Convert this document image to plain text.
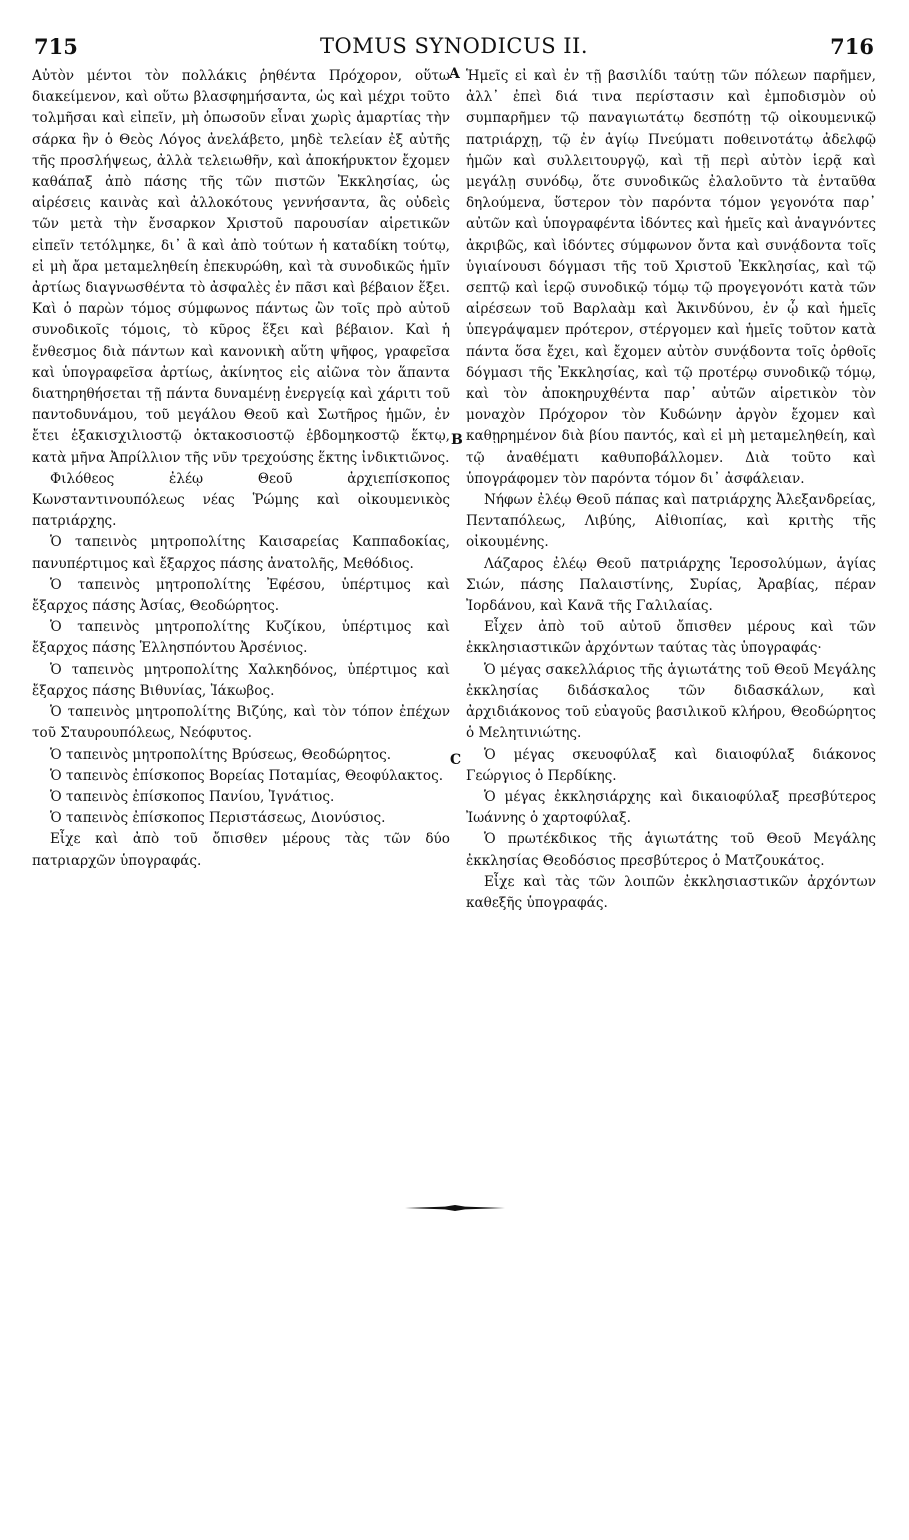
TOMUS SYNODICUS II.
715	716
A
B
C

Αὐτὸν μέντοι τὸν πολλάκις ῥηθέντα Πρόχορον, οὕτω διακείμενον, καὶ οὕτω βλασφημήσαντα, ὡς καὶ μέχρι τοῦτο τολμῆσαι καὶ εἰπεῖν, μὴ ὁπωσοῦν εἶναι χωρὶς ἁμαρτίας τὴν σάρκα ἣν ὁ Θεὸς Λόγος ἀνελάβετο, μηδὲ τελείαν ἐξ αὐτῆς τῆς προσλήψεως, ἀλλὰ τελειωθῆν, καὶ ἀποκήρυκτον ἔχομεν καθάπαξ ἀπὸ πάσης τῆς τῶν πιστῶν Ἐκκλησίας, ὡς αἱρέσεις καινὰς καὶ ἀλλοκότους γεννήσαντα, ἃς οὐδεὶς τῶν μετὰ τὴν ἔνσαρκον Χριστοῦ παρουσίαν αἱρετικῶν εἰπεῖν τετόλμηκε, δι᾽ ἃ καὶ ἀπὸ τούτων ἡ καταδίκη τούτῳ, εἰ μὴ ἄρα μεταμεληθείη ἐπεκυρώθη, καὶ τὰ συνοδικῶς ἡμῖν ἀρτίως διαγνωσθέντα τὸ ἀσφαλὲς ἐν πᾶσι καὶ βέβαιον ἕξει. Καὶ ὁ παρὼν τόμος σύμφωνος πάντως ὢν τοῖς πρὸ αὐτοῦ συνοδικοῖς τόμοις, τὸ κῦρος ἕξει καὶ βέβαιον. Καὶ ἡ ἔνθεσμος διὰ πάντων καὶ κανονικὴ αὕτη ψῆφος, γραφεῖσα καὶ ὑπογραφεῖσα ἀρτίως, ἀκίνητος εἰς αἰῶνα τὸν ἅπαντα διατηρηθήσεται τῇ πάντα δυναμένῃ ἐνεργείᾳ καὶ χάριτι τοῦ παντοδυνάμου, τοῦ μεγάλου Θεοῦ καὶ Σωτῆρος ἡμῶν, ἐν ἔτει ἑξακισχιλιοστῷ ὀκτακοσιοστῷ ἑβδομηκοστῷ ἕκτῳ, κατὰ μῆνα Ἀπρίλλιον τῆς νῦν τρεχούσης ἕκτης ἰνδικτιῶνος.

Φιλόθεος ἐλέῳ Θεοῦ ἀρχιεπίσκοπος Κωνσταντινουπόλεως νέας Ῥώμης καὶ οἰκουμενικὸς πατριάρχης.

Ὁ ταπεινὸς μητροπολίτης Καισαρείας Καππαδοκίας, πανυπέρτιμος καὶ ἔξαρχος πάσης ἀνατολῆς, Μεθόδιος.

Ὁ ταπεινὸς μητροπολίτης Ἐφέσου, ὑπέρτιμος καὶ ἔξαρχος πάσης Ἀσίας, Θεοδώρητος.

Ὁ ταπεινὸς μητροπολίτης Κυζίκου, ὑπέρτιμος καὶ ἔξαρχος πάσης Ἑλλησπόντου Ἀρσένιος.

Ὁ ταπεινὸς μητροπολίτης Χαλκηδόνος, ὑπέρτιμος καὶ ἔξαρχος πάσης Βιθυνίας, Ἰάκωβος.

Ὁ ταπεινὸς μητροπολίτης Βιζύης, καὶ τὸν τόπον ἐπέχων τοῦ Σταυρουπόλεως, Νεόφυτος.

Ὁ ταπεινὸς μητροπολίτης Βρύσεως, Θεοδώρητος.

Ὁ ταπεινὸς ἐπίσκοπος Βορείας Ποταμίας, Θεοφύλακτος.

Ὁ ταπεινὸς ἐπίσκοπος Πανίου, Ἰγνάτιος.

Ὁ ταπεινὸς ἐπίσκοπος Περιστάσεως, Διονύσιος.

Εἶχε καὶ ἀπὸ τοῦ ὄπισθεν μέρους τὰς τῶν δύο πατριαρχῶν ὑπογραφάς.

Ἡμεῖς εἰ καὶ ἐν τῇ βασιλίδι ταύτῃ τῶν πόλεων παρῆμεν, ἀλλ᾽ ἐπεὶ διά τινα περίστασιν καὶ ἐμποδισμὸν οὐ συμπαρῆμεν τῷ παναγιωτάτῳ δεσπότῃ τῷ οἰκουμενικῷ πατριάρχῃ, τῷ ἐν ἁγίῳ Πνεύματι ποθεινοτάτῳ ἀδελφῷ ἡμῶν καὶ συλλειτουργῷ, καὶ τῇ περὶ αὐτὸν ἱερᾷ καὶ μεγάλῃ συνόδῳ, ὅτε συνοδικῶς ἐλαλοῦντο τὰ ἐνταῦθα δηλούμενα, ὕστερον τὸν παρόντα τόμον γεγονότα παρ᾽ αὐτῶν καὶ ὑπογραφέντα ἰδόντες καὶ ἡμεῖς καὶ ἀναγνόντες ἀκριβῶς, καὶ ἰδόντες σύμφωνον ὄντα καὶ συνᾴδοντα τοῖς ὑγιαίνουσι δόγμασι τῆς τοῦ Χριστοῦ Ἐκκλησίας, καὶ τῷ σεπτῷ καὶ ἱερῷ συνοδικῷ τόμῳ τῷ προγεγονότι κατὰ τῶν αἱρέσεων τοῦ Βαρλαὰμ καὶ Ἀκινδύνου, ἐν ᾧ καὶ ἡμεῖς ὑπεγράψαμεν πρότερον, στέργομεν καὶ ἡμεῖς τοῦτον κατὰ πάντα ὅσα ἔχει, καὶ ἔχομεν αὐτὸν συνᾴδοντα τοῖς ὀρθοῖς δόγμασι τῆς Ἐκκλησίας, καὶ τῷ προτέρῳ συνοδικῷ τόμῳ, καὶ τὸν ἀποκηρυχθέντα παρ᾽ αὐτῶν αἱρετικὸν τὸν μοναχὸν Πρόχορον τὸν Κυδώνην ἀργὸν ἔχομεν καὶ καθῃρημένον διὰ βίου παντός, καὶ εἰ μὴ μεταμεληθείη, καὶ τῷ ἀναθέματι καθυποβάλλομεν. Διὰ τοῦτο καὶ ὑπογράφομεν τὸν παρόντα τόμον δι᾽ ἀσφάλειαν.

Νήφων ἐλέῳ Θεοῦ πάπας καὶ πατριάρχης Ἀλεξανδρείας, Πενταπόλεως, Λιβύης, Αἰθιοπίας, καὶ κριτὴς τῆς οἰκουμένης.

Λάζαρος ἐλέῳ Θεοῦ πατριάρχης Ἱεροσολύμων, ἁγίας Σιών, πάσης Παλαιστίνης, Συρίας, Ἀραβίας, πέραν Ἰορδάνου, καὶ Κανᾶ τῆς Γαλιλαίας.

Εἶχεν ἀπὸ τοῦ αὐτοῦ ὄπισθεν μέρους καὶ τῶν ἐκκλησιαστικῶν ἀρχόντων ταύτας τὰς ὑπογραφάς·

Ὁ μέγας σακελλάριος τῆς ἁγιωτάτης τοῦ Θεοῦ Μεγάλης ἐκκλησίας διδάσκαλος τῶν διδασκάλων, καὶ ἀρχιδιάκονος τοῦ εὐαγοῦς βασιλικοῦ κλήρου, Θεοδώρητος ὁ Μελητινιώτης.

Ὁ μέγας σκευοφύλαξ καὶ διαιοφύλαξ διάκονος Γεώργιος ὁ Περδίκης.

Ὁ μέγας ἐκκλησιάρχης καὶ δικαιοφύλαξ πρεσβύτερος Ἰωάννης ὁ χαρτοφύλαξ.

Ὁ πρωτέκδικος τῆς ἁγιωτάτης τοῦ Θεοῦ Μεγάλης ἐκκλησίας Θεοδόσιος πρεσβύτερος ὁ Ματζουκάτος.

Εἶχε καὶ τὰς τῶν λοιπῶν ἐκκλησιαστικῶν ἀρχόντων καθεξῆς ὑπογραφάς.
